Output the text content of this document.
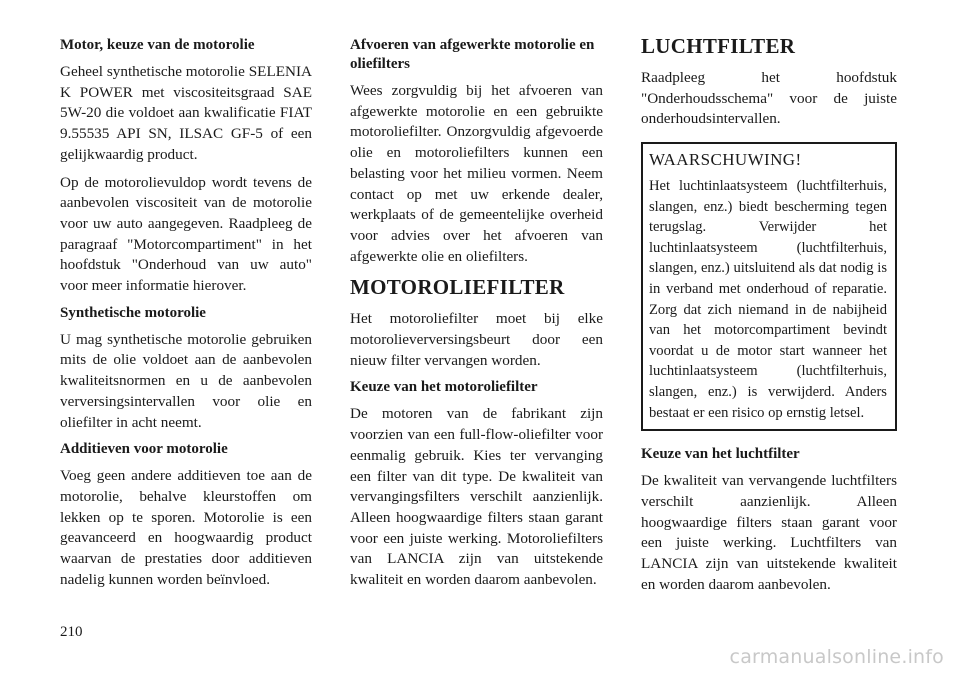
Motor, keuze van de motorolie
Geheel synthetische motorolie SELENIA K POWER met viscositeitsgraad SAE 5W-20 die voldoet aan kwalificatie FIAT 9.55535 API SN, ILSAC GF-5 of een gelijkwaardig product.
Op de motorolievuldop wordt tevens de aanbevolen viscositeit van de motorolie voor uw auto aangegeven. Raadpleeg de paragraaf "Motorcompartiment" in het hoofdstuk "Onderhoud van uw auto" voor meer informatie hierover.
Synthetische motorolie
U mag synthetische motorolie gebruiken mits de olie voldoet aan de aanbevolen kwaliteitsnormen en u de aanbevolen verversingsintervallen voor olie en oliefilter in acht neemt.
Additieven voor motorolie
Voeg geen andere additieven toe aan de motorolie, behalve kleurstoffen om lekken op te sporen. Motorolie is een geavanceerd en hoogwaardig product waarvan de prestaties door additieven nadelig kunnen worden beïnvloed.
Afvoeren van afgewerkte motorolie en oliefilters
Wees zorgvuldig bij het afvoeren van afgewerkte motorolie en een gebruikte motoroliefilter. Onzorgvuldig afgevoerde olie en motoroliefilters kunnen een belasting voor het milieu vormen. Neem contact op met uw erkende dealer, werkplaats of de gemeentelijke overheid voor advies over het afvoeren van afgewerkte olie en oliefilters.
MOTOROLIEFILTER
Het motoroliefilter moet bij elke motorolieverversingsbeurt door een nieuw filter vervangen worden.
Keuze van het motoroliefilter
De motoren van de fabrikant zijn voorzien van een full-flow-oliefilter voor eenmalig gebruik. Kies ter vervanging een filter van dit type. De kwaliteit van vervangingsfilters verschilt aanzienlijk. Alleen hoogwaardige filters staan garant voor een juiste werking. Motoroliefilters van LANCIA zijn van uitstekende kwaliteit en worden daarom aanbevolen.
LUCHTFILTER
Raadpleeg het hoofdstuk "Onderhoudsschema" voor de juiste onderhoudsintervallen.
WAARSCHUWING!
Het luchtinlaatsysteem (luchtfilterhuis, slangen, enz.) biedt bescherming tegen terugslag. Verwijder het luchtinlaatsysteem (luchtfilterhuis, slangen, enz.) uitsluitend als dat nodig is in verband met onderhoud of reparatie. Zorg dat zich niemand in de nabijheid van het motorcompartiment bevindt voordat u de motor start wanneer het luchtinlaatsysteem (luchtfilterhuis, slangen, enz.) is verwijderd. Anders bestaat er een risico op ernstig letsel.
Keuze van het luchtfilter
De kwaliteit van vervangende luchtfilters verschilt aanzienlijk. Alleen hoogwaardige filters staan garant voor een juiste werking. Luchtfilters van LANCIA zijn van uitstekende kwaliteit en worden daarom aanbevolen.
210
carmanualsonline.info
